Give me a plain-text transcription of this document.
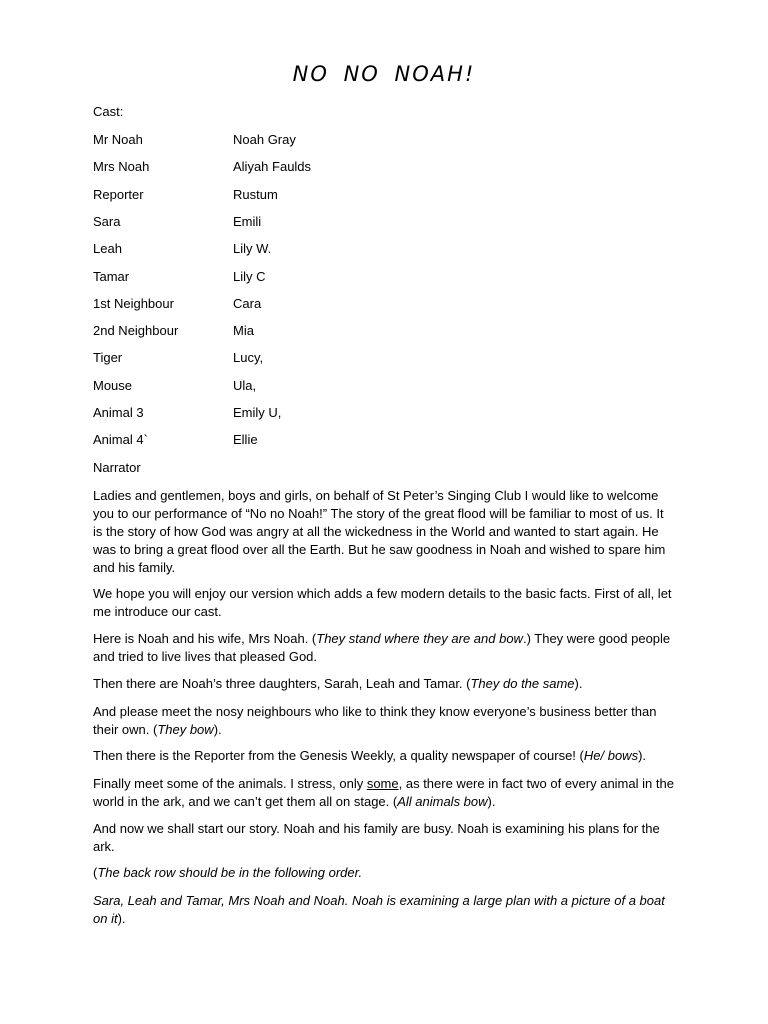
NO NO NOAH!
Cast:
Mr Noah	Noah Gray
Mrs Noah	Aliyah Faulds
Reporter	Rustum
Sara	Emili
Leah	Lily W.
Tamar	Lily C
1st Neighbour	Cara
2nd Neighbour	Mia
Tiger	Lucy,
Mouse	Ula,
Animal 3	Emily U,
Animal 4`	Ellie
Narrator

Ladies and gentlemen, boys and girls, on behalf of St Peter’s Singing Club I would like to welcome you to our performance of “No no Noah!” The story of the great flood will be familiar to most of us. It is the story of how God was angry at all the wickedness in the World and wanted to start again. He was to bring a great flood over all the Earth. But he saw goodness in Noah and wished to spare him and his family.

We hope you will enjoy our version which adds a few modern details to the basic facts. First of all, let me introduce our cast.

Here is Noah and his wife, Mrs Noah. (They stand where they are and bow.) They were good people and tried to live lives that pleased God.

Then there are Noah’s three daughters, Sarah, Leah and Tamar. (They do the same).

And please meet the nosy neighbours who like to think they know everyone’s business better than their own. (They bow).

Then there is the Reporter from the Genesis Weekly, a quality newspaper of course! (He/ bows).

Finally meet some of the animals. I stress, only some, as there were in fact two of every animal in the world in the ark, and we can’t get them all on stage. (All animals bow).

And now we shall start our story. Noah and his family are busy. Noah is examining his plans for the ark.

(The back row should be in the following order.

Sara, Leah and Tamar, Mrs Noah and Noah. Noah is examining a large plan with a picture of a boat on it).
